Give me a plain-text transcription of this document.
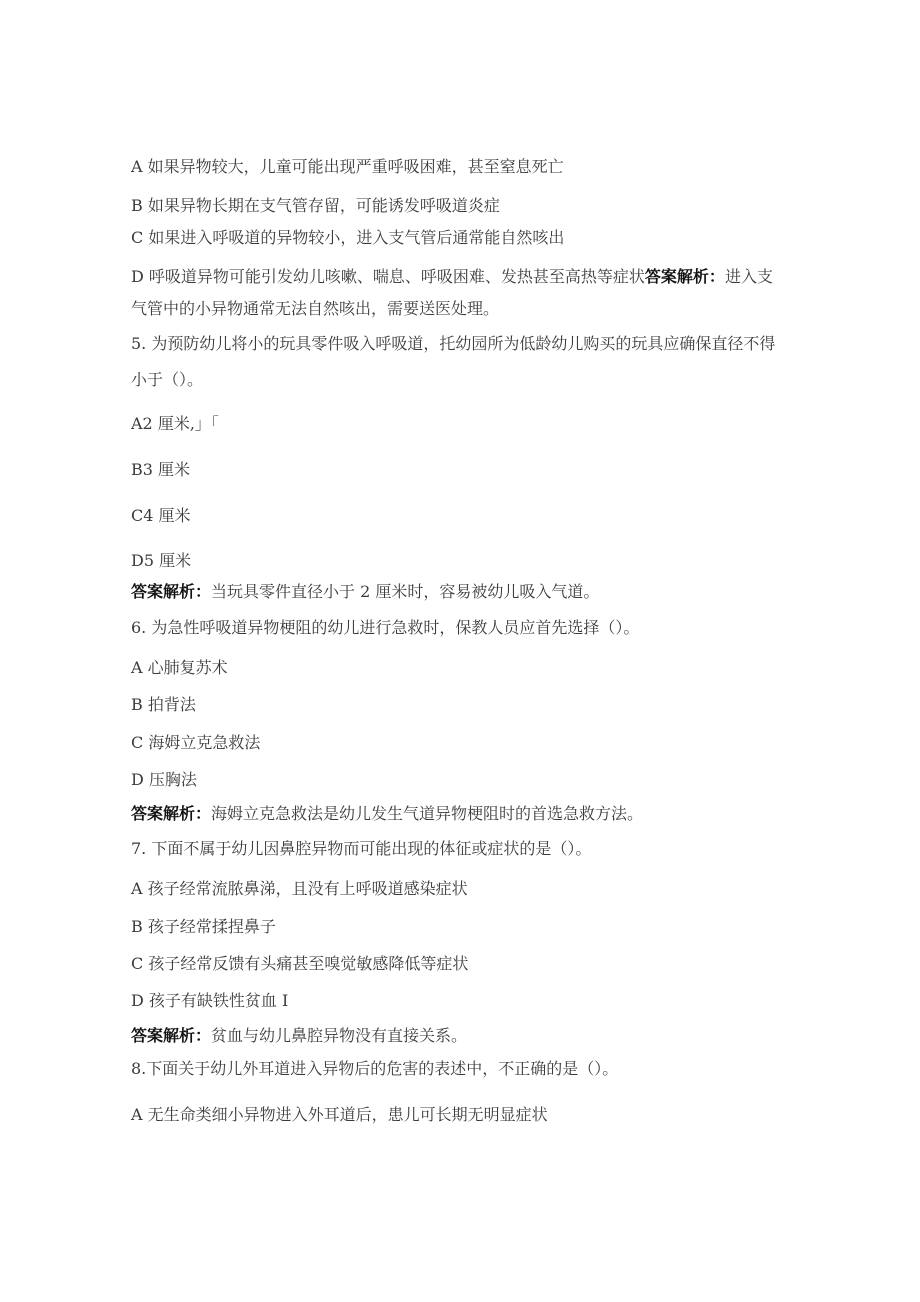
A 如果异物较大，儿童可能出现严重呼吸困难，甚至窒息死亡
B 如果异物长期在支气管存留，可能诱发呼吸道炎症
C 如果进入呼吸道的异物较小，进入支气管后通常能自然咳出
D 呼吸道异物可能引发幼儿咳嗽、喘息、呼吸困难、发热甚至高热等症状答案解析：进入支气管中的小异物通常无法自然咳出，需要送医处理。
5. 为预防幼儿将小的玩具零件吸入呼吸道，托幼园所为低龄幼儿购买的玩具应确保直径不得小于（）。
A2 厘米,」「
B3 厘米
C4 厘米
D5 厘米
答案解析：当玩具零件直径小于 2 厘米时，容易被幼儿吸入气道。
6. 为急性呼吸道异物梗阻的幼儿进行急救时，保教人员应首先选择（）。
A 心肺复苏术
B 拍背法
C 海姆立克急救法
D 压胸法
答案解析：海姆立克急救法是幼儿发生气道异物梗阻时的首选急救方法。
7. 下面不属于幼儿因鼻腔异物而可能出现的体征或症状的是（）。
A 孩子经常流脓鼻涕，且没有上呼吸道感染症状
B 孩子经常揉捏鼻子
C 孩子经常反馈有头痛甚至嗅觉敏感降低等症状
D 孩子有缺铁性贫血 I
答案解析：贫血与幼儿鼻腔异物没有直接关系。
8.下面关于幼儿外耳道进入异物后的危害的表述中，不正确的是（）。
A 无生命类细小异物进入外耳道后，患儿可长期无明显症状
